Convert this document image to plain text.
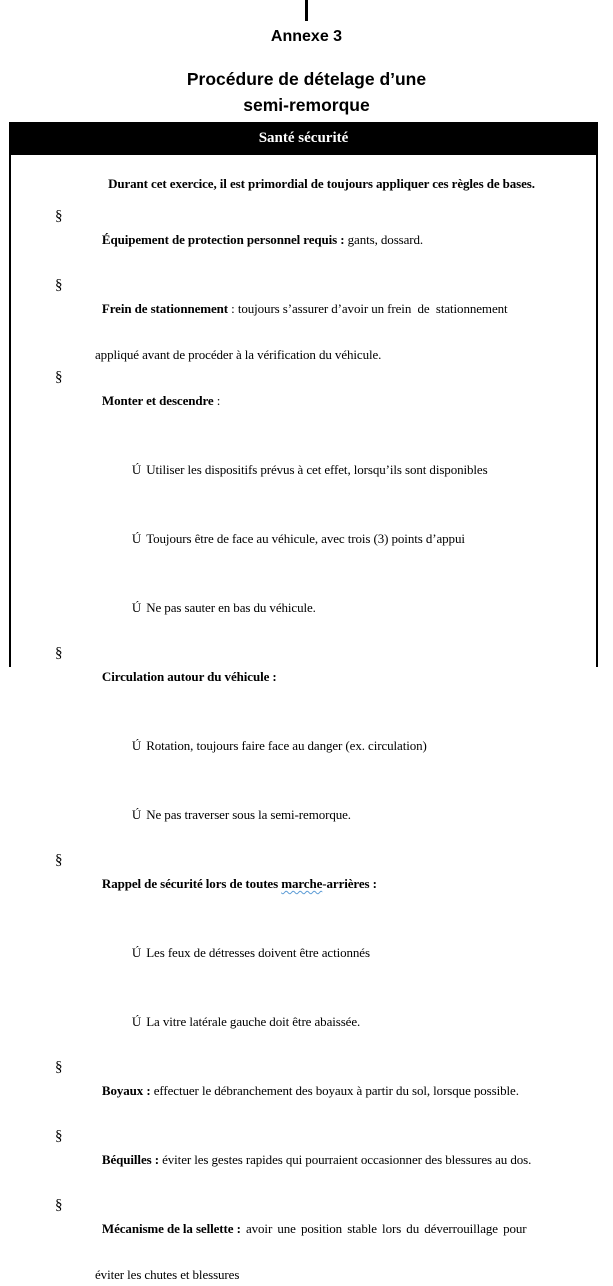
Annexe 3
Procédure de dételage d’une
semi-remorque
Santé sécurité
Durant cet exercice, il est primordial de toujours appliquer ces règles de bases.

§
Équipement de protection personnel requis : gants, dossard.

§
Frein de stationnement : toujours s’assurer d’avoir un frein  de  stationnement

appliqué avant de procéder à la vérification du véhicule.

§
Monter et descendre :

Ú Utiliser les dispositifs prévus à cet effet, lorsqu’ils sont disponibles

Ú Toujours être de face au véhicule, avec trois (3) points d’appui

Ú Ne pas sauter en bas du véhicule.

§
Circulation autour du véhicule :

Ú Rotation, toujours faire face au danger (ex. circulation)

Ú Ne pas traverser sous la semi-remorque.

§
Rappel de sécurité lors de toutes marche-arrières :

Ú Les feux de détresses doivent être actionnés

Ú La vitre latérale gauche doit être abaissée.

§
Boyaux : effectuer le débranchement des boyaux à partir du sol, lorsque possible.

§
Béquilles : éviter les gestes rapides qui pourraient occasionner des blessures au dos.

§
Mécanisme de la sellette : avoir une position stable lors du déverrouillage pour

éviter les chutes et blessures
